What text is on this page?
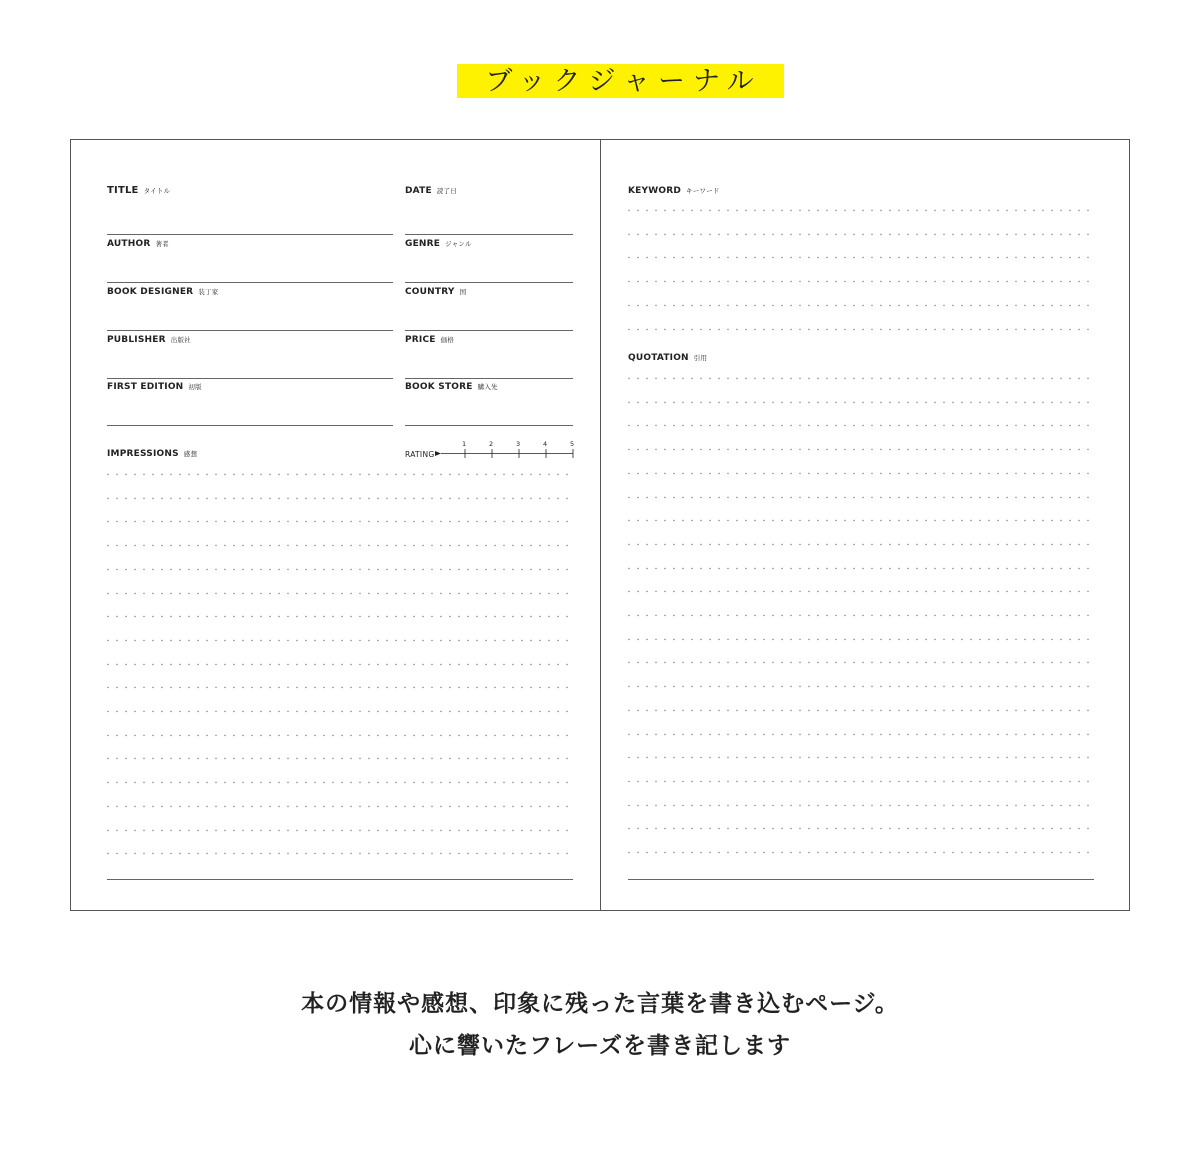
ブックジャーナル
TITLE タイトル	DATE 読了日
AUTHOR 著者	GENRE ジャンル
BOOK DESIGNER 装丁家	COUNTRY 国
PUBLISHER 出版社	PRICE 価格
FIRST EDITION 初版	BOOK STORE 購入先
IMPRESSIONS 感想	RATING
1	2	3	4	5
KEYWORD キーワード
QUOTATION 引用
本の情報や感想、印象に残った言葉を書き込むページ。
心に響いたフレーズを書き記します
